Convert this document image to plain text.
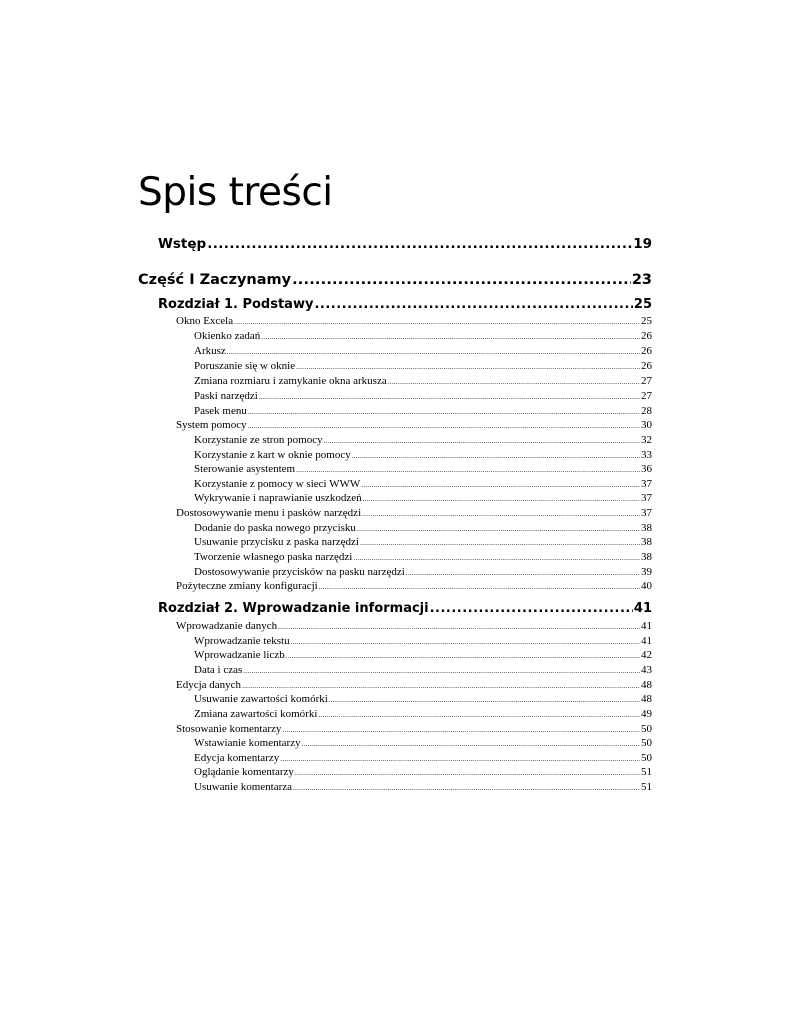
Spis treści
Wstęp .....	19
Część I Zaczynamy .....	23
Rozdział 1. Podstawy .....	25
Okno Excela .....	25
Okienko zadań .....	26
Arkusz .....	26
Poruszanie się w oknie .....	26
Zmiana rozmiaru i zamykanie okna arkusza .....	27
Paski narzędzi .....	27
Pasek menu .....	28
System pomocy .....	30
Korzystanie ze stron pomocy .....	32
Korzystanie z kart w oknie pomocy .....	33
Sterowanie asystentem .....	36
Korzystanie z pomocy w sieci WWW .....	37
Wykrywanie i naprawianie uszkodzeń .....	37
Dostosowywanie menu i pasków narzędzi .....	37
Dodanie do paska nowego przycisku .....	38
Usuwanie przycisku z paska narzędzi .....	38
Tworzenie własnego paska narzędzi .....	38
Dostosowywanie przycisków na pasku narzędzi .....	39
Pożyteczne zmiany konfiguracji .....	40
Rozdział 2. Wprowadzanie informacji .....	41
Wprowadzanie danych .....	41
Wprowadzanie tekstu .....	41
Wprowadzanie liczb .....	42
Data i czas .....	43
Edycja danych .....	48
Usuwanie zawartości komórki .....	48
Zmiana zawartości komórki .....	49
Stosowanie komentarzy .....	50
Wstawianie komentarzy .....	50
Edycja komentarzy .....	50
Oglądanie komentarzy .....	51
Usuwanie komentarza .....	51
